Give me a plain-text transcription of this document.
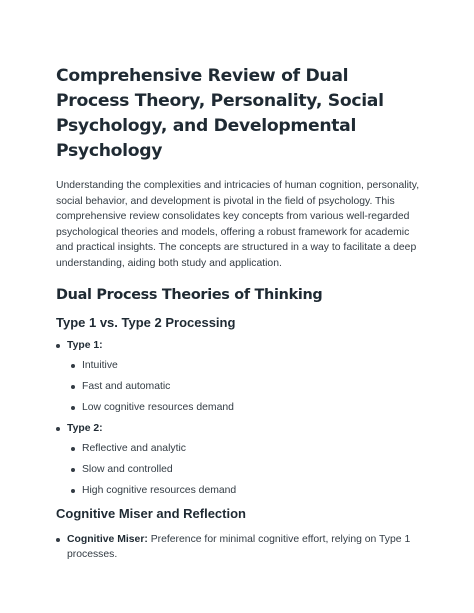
Comprehensive Review of Dual Process Theory, Personality, Social Psychology, and Developmental Psychology

Understanding the complexities and intricacies of human cognition, personality, social behavior, and development is pivotal in the field of psychology. This comprehensive review consolidates key concepts from various well-regarded psychological theories and models, offering a robust framework for academic and practical insights. The concepts are structured in a way to facilitate a deep understanding, aiding both study and application.

Dual Process Theories of Thinking
Type 1 vs. Type 2 Processing
Type 1:
Intuitive
Fast and automatic
Low cognitive resources demand
Type 2:
Reflective and analytic
Slow and controlled
High cognitive resources demand
Cognitive Miser and Reflection
Cognitive Miser: Preference for minimal cognitive effort, relying on Type 1 processes.
